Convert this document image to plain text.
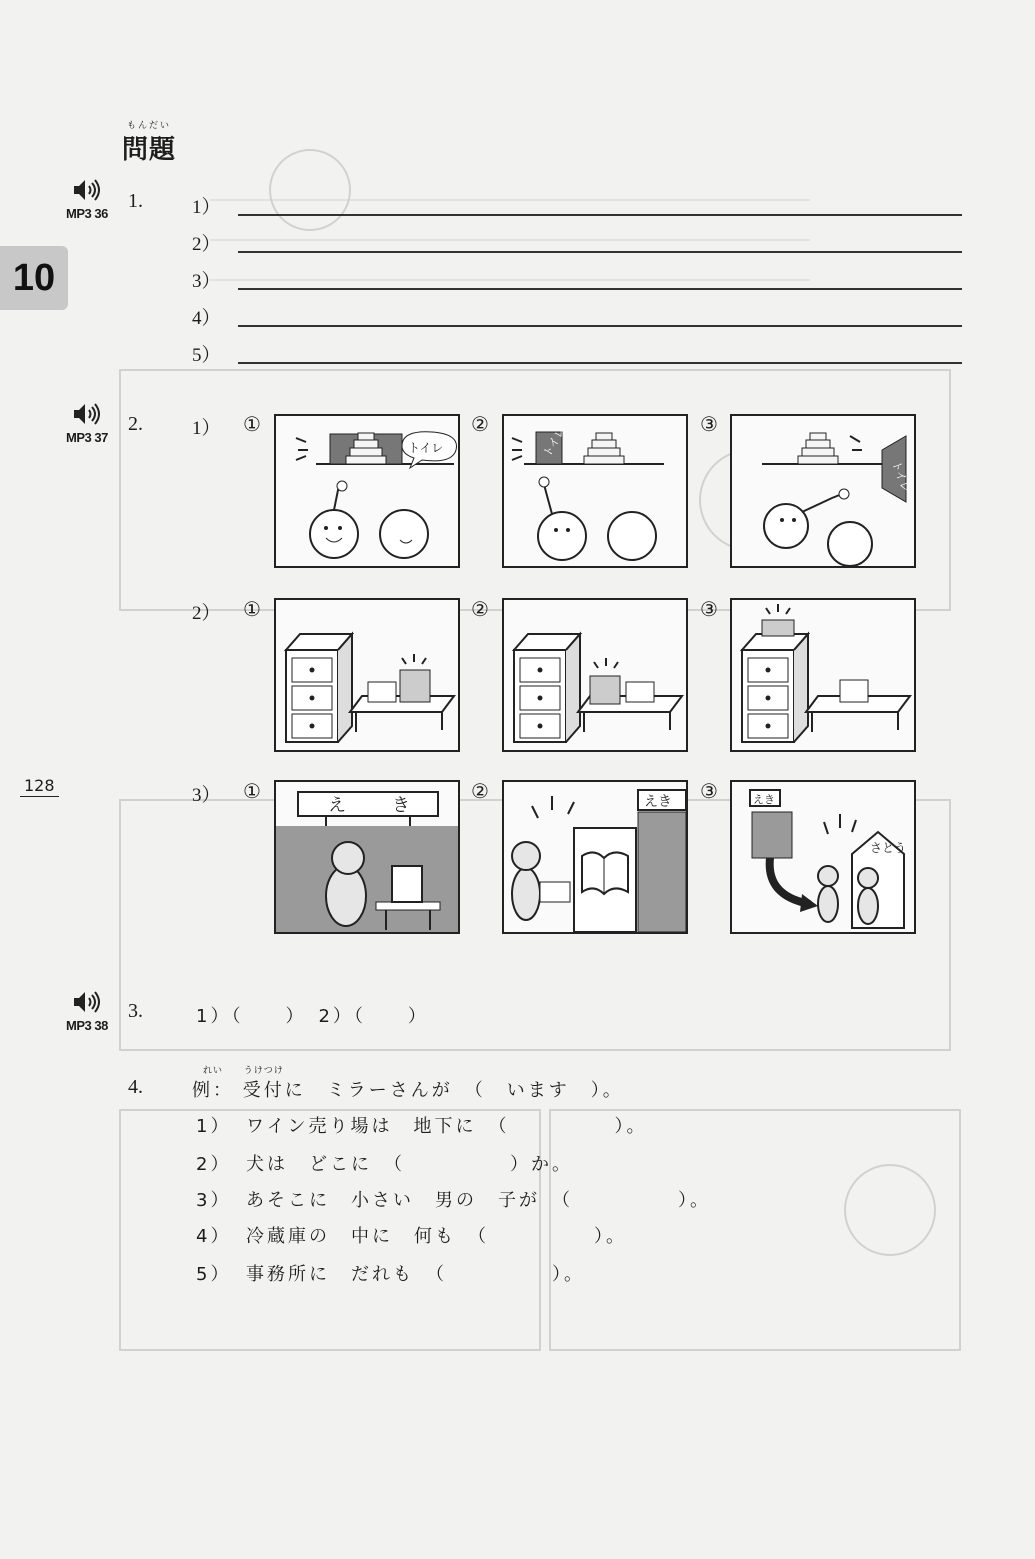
もんだい
問題
10
128
MP3 36
1.	1）
2）
3）
4）
5）
MP3 37
2.	1） ①	②	③
トイレ	トイレ
トイレ
2） ①	②	③
3） ①	②	③
え	き	えき	えき
さとう
MP3 38
3.	1）（　　）　2）（　　）
4.
れい
例：
うけつけ
受付に　ミラーさんが　（　います　）。
1） ワイン売り場は　地下に　（　　　　　）。
2） 犬は　どこに　（　　　　　）か。
3） あそこに　小さい　男の　子が　（　　　　　）。
4） 冷蔵庫の　中に　何も　（　　　　　）。
5） 事務所に　だれも　（　　　　　）。
